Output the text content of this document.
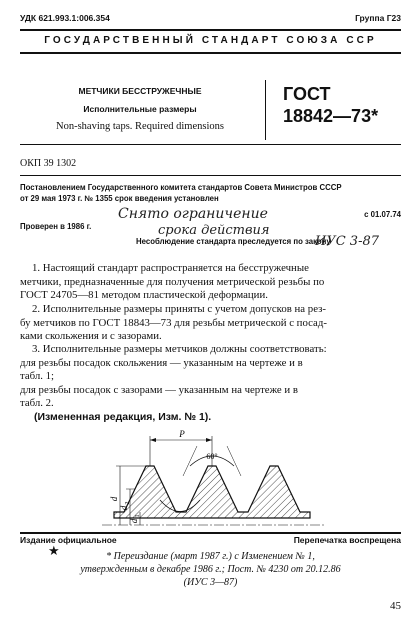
УДК 621.993.1:006.354	Группа Г23
ГОСУДАРСТВЕННЫЙ СТАНДАРТ СОЮЗА ССР
МЕТЧИКИ БЕССТРУЖЕЧНЫЕ
Исполнительные размеры
Non-shaving taps. Required dimensions
ГОСТ
18842—73*
ОКП 39 1302
Постановлением Государственного комитета стандартов Совета Министров СССР
от 29 мая 1973 г. № 1355 срок введения установлен
с 01.07.74
Проверен в 1986 г.
Снято ограничение
срока действия
ИУС 3-87
Несоблюдение стандарта преследуется по закону
1. Настоящий стандарт распространяется на бесстружечные
метчики, предназначенные для получения метрической резьбы по
ГОСТ 24705—81 методом пластической деформации.
2. Исполнительные размеры приняты с учетом допусков на рез-
бу метчиков по ГОСТ 18843—73 для резьбы метрической с посад-
ками скольжения и с зазорами.
3. Исполнительные размеры метчиков должны соответствовать:
для резьбы посадок скольжения — указанным на чертеже и в
табл. 1;
для резьбы посадок с зазорами — указанным на чертеже и в
табл. 2.
(Измененная редакция, Изм. № 1).
P
60°
d
d
2
d
1
Издание официальное	Перепечатка воспрещена
★	* Переиздание (март 1987 г.) с Изменением № 1,
утвержденным в декабре 1986 г.; Пост. № 4230 от 20.12.86
(ИУС 3—87)
45
